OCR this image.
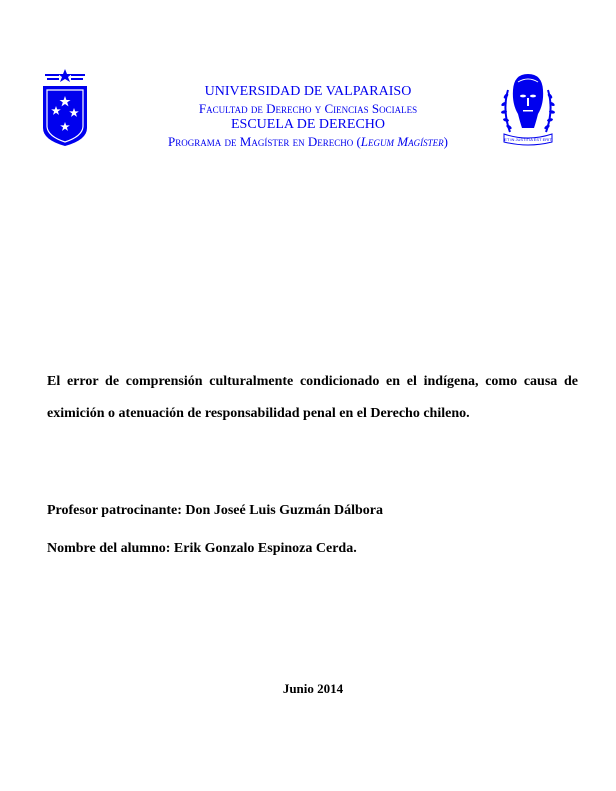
UNIVERSIDAD DE VALPARAISO
Facultad de Derecho y Ciencias Sociales
ESCUELA DE DERECHO
Programa de Magíster en Derecho (Legum Magíster)	ET IN JUSTITIA EST ERIT
El error de comprensión culturalmente condicionado en el indígena, como causa de eximición o atenuación de responsabilidad penal en el Derecho chileno.
Profesor patrocinante: Don Joseé Luis Guzmán Dálbora
Nombre del alumno: Erik Gonzalo Espinoza Cerda.
Junio 2014
